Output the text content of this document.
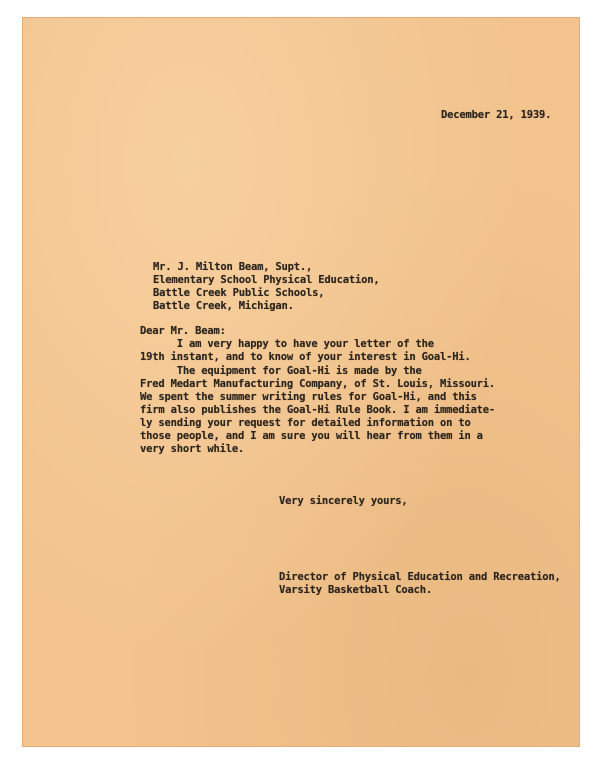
December 21, 1939.
Mr. J. Milton Beam, Supt.,
Elementary School Physical Education,
Battle Creek Public Schools,
Battle Creek, Michigan.
Dear Mr. Beam:
I am very happy to have your letter of the
19th instant, and to know of your interest in Goal-Hi.
The equipment for Goal-Hi is made by the
Fred Medart Manufacturing Company, of St. Louis, Missouri.
We spent the summer writing rules for Goal-Hi, and this
firm also publishes the Goal-Hi Rule Book. I am immediate-
ly sending your request for detailed information on to
those people, and I am sure you will hear from them in a
very short while.
Very sincerely yours,
Director of Physical Education and Recreation,
Varsity Basketball Coach.
